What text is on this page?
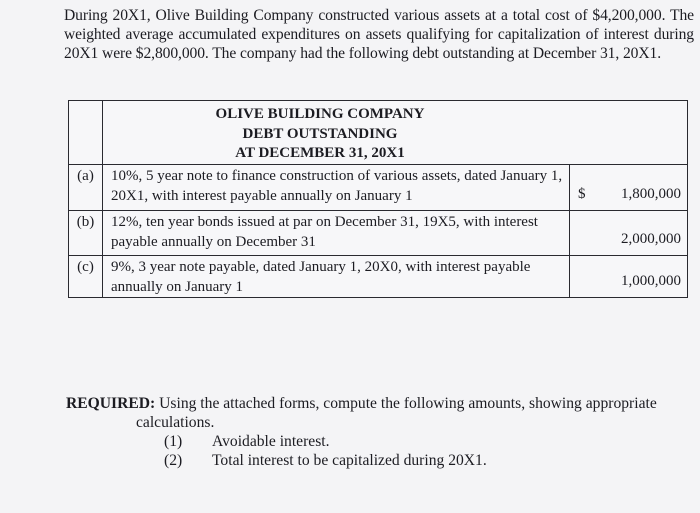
During 20X1, Olive Building Company constructed various assets at a total cost of $4,200,000. The weighted average accumulated expenditures on assets qualifying for capitalization of interest during 20X1 were $2,800,000. The company had the following debt outstanding at December 31, 20X1.
OLIVE BUILDING COMPANY
DEBT OUTSTANDING
AT DECEMBER 31, 20X1
(a)	10%, 5 year note to finance construction of various assets, dated January 1, 20X1, with interest payable annually on January 1	$ 1,800,000
(b)	12%, ten year bonds issued at par on December 31, 19X5, with interest payable annually on December 31	2,000,000
(c)	9%, 3 year note payable, dated January 1, 20X0, with interest payable annually on January 1	1,000,000
REQUIRED: Using the attached forms, compute the following amounts, showing appropriate
calculations.
(1)	Avoidable interest.
(2)	Total interest to be capitalized during 20X1.
